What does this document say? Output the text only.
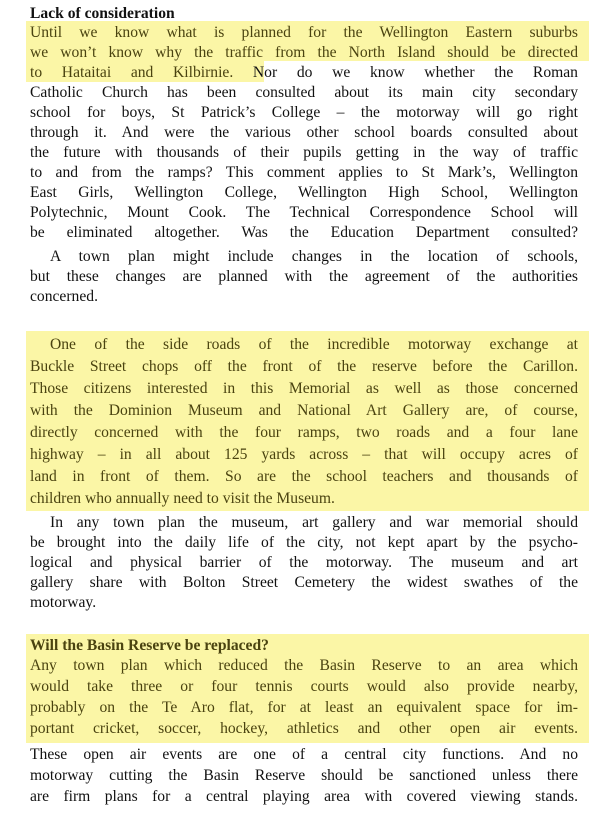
Lack of consideration
Until we know what is planned for the Wellington Eastern suburbs
we won’t know why the traffic from the North Island should be directed
to Hataitai and Kilbirnie. Nor do we know whether the Roman
Catholic Church has been consulted about its main city secondary
school for boys, St Patrick’s College – the motorway will go right
through it. And were the various other school boards consulted about
the future with thousands of their pupils getting in the way of traffic
to and from the ramps? This comment applies to St Mark’s, Wellington
East Girls, Wellington College, Wellington High School, Wellington
Polytechnic, Mount Cook. The Technical Correspondence School will
be eliminated altogether. Was the Education Department consulted?
A town plan might include changes in the location of schools,
but these changes are planned with the agreement of the authorities
concerned.
One of the side roads of the incredible motorway exchange at
Buckle Street chops off the front of the reserve before the Carillon.
Those citizens interested in this Memorial as well as those concerned
with the Dominion Museum and National Art Gallery are, of course,
directly concerned with the four ramps, two roads and a four lane
highway – in all about 125 yards across – that will occupy acres of
land in front of them. So are the school teachers and thousands of
children who annually need to visit the Museum.
In any town plan the museum, art gallery and war memorial should
be brought into the daily life of the city, not kept apart by the psycho-
logical and physical barrier of the motorway. The museum and art
gallery share with Bolton Street Cemetery the widest swathes of the
motorway.
Will the Basin Reserve be replaced?
Any town plan which reduced the Basin Reserve to an area which
would take three or four tennis courts would also provide nearby,
probably on the Te Aro flat, for at least an equivalent space for im-
portant cricket, soccer, hockey, athletics and other open air events.
These open air events are one of a central city functions. And no
motorway cutting the Basin Reserve should be sanctioned unless there
are firm plans for a central playing area with covered viewing stands.
